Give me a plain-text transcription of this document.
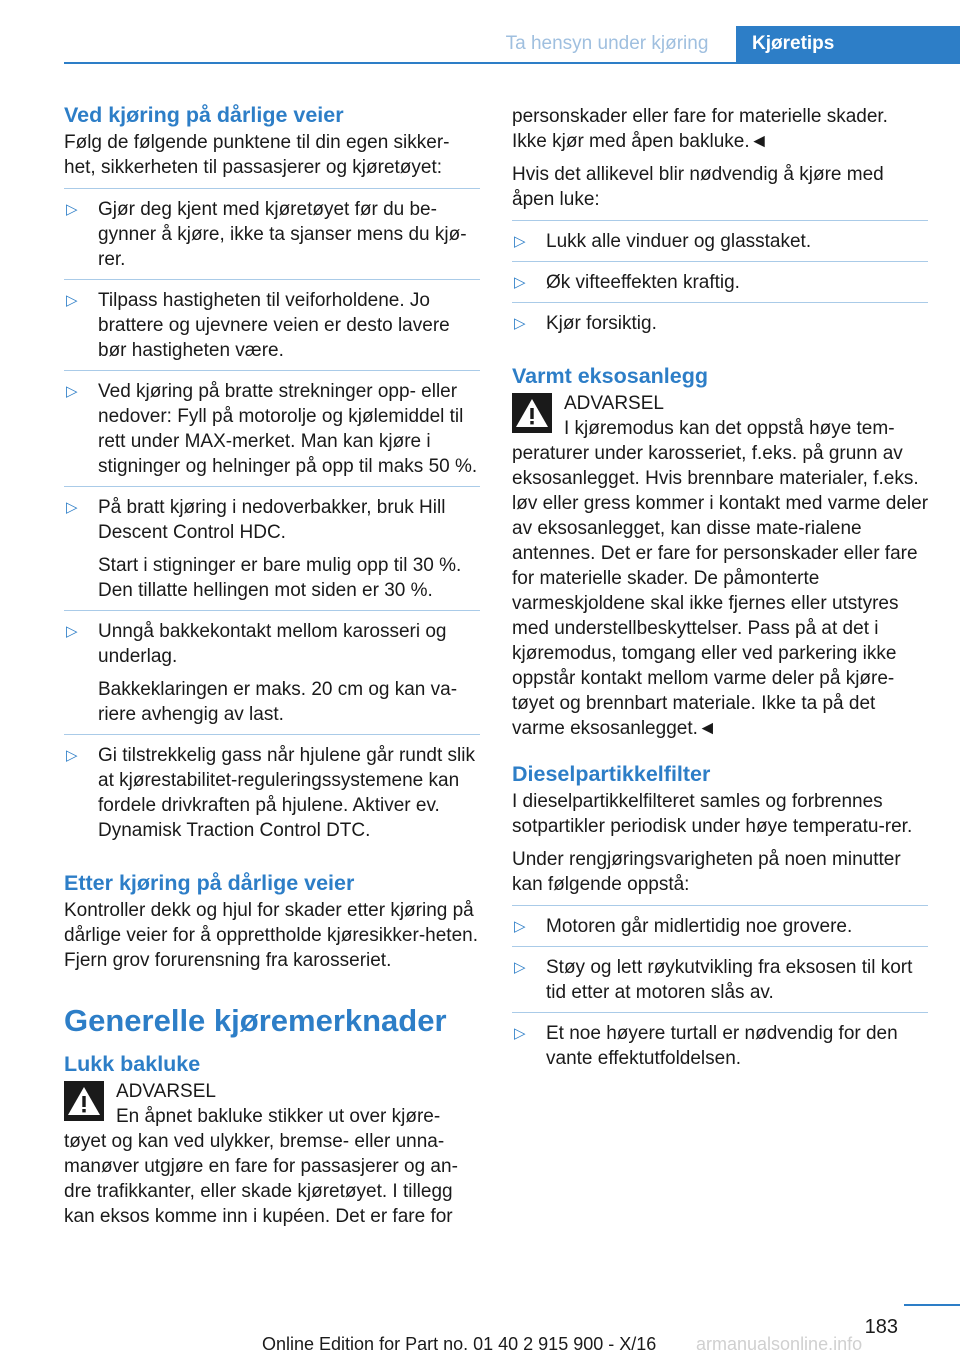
Ta hensyn under kjøring	Kjøretips
Ved kjøring på dårlige veier

Følg de følgende punktene til din egen sikker-het, sikkerheten til passasjerer og kjøretøyet:

▷ Gjør deg kjent med kjøretøyet før du be-gynner å kjøre, ikke ta sjanser mens du kjø-rer.

▷ Tilpass hastigheten til veiforholdene. Jo brattere og ujevnere veien er desto lavere bør hastigheten være.

▷ Ved kjøring på bratte strekninger opp- eller nedover: Fyll på motorolje og kjølemiddel til rett under MAX-merket. Man kan kjøre i stigninger og helninger på opp til maks 50 %.

▷ På bratt kjøring i nedoverbakker, bruk Hill Descent Control HDC.

Start i stigninger er bare mulig opp til 30 %. Den tillatte hellingen mot siden er 30 %.

▷ Unngå bakkekontakt mellom karosseri og underlag.

Bakkeklaringen er maks. 20 cm og kan va-riere avhengig av last.

▷ Gi tilstrekkelig gass når hjulene går rundt slik at kjørestabilitet-reguleringssystemene kan fordele drivkraften på hjulene. Aktiver ev. Dynamisk Traction Control DTC.

Etter kjøring på dårlige veier

Kontroller dekk og hjul for skader etter kjøring på dårlige veier for å opprettholde kjøresikker-heten. Fjern grov forurensning fra karosseriet.

Generelle kjøremerknader
Lukk bakluke

ADVARSEL

En åpnet bakluke stikker ut over kjøre-tøyet og kan ved ulykker, bremse- eller unna-manøver utgjøre en fare for passasjerer og an-dre trafikkanter, eller skade kjøretøyet. I tillegg kan eksos komme inn i kupéen. Det er fare for

personskader eller fare for materielle skader. Ikke kjør med åpen bakluke.◄

Hvis det allikevel blir nødvendig å kjøre med åpen luke:

▷ Lukk alle vinduer og glasstaket.

▷ Øk vifteeffekten kraftig.

▷ Kjør forsiktig.

Varmt eksosanlegg

ADVARSEL

I kjøremodus kan det oppstå høye tem-peraturer under karosseriet, f.eks. på grunn av eksosanlegget. Hvis brennbare materialer, f.eks. løv eller gress kommer i kontakt med varme deler av eksosanlegget, kan disse mate-rialene antennes. Det er fare for personskader eller fare for materielle skader. De påmonterte varmeskjoldene skal ikke fjernes eller utstyres med understellbeskyttelser. Pass på at det i kjøremodus, tomgang eller ved parkering ikke oppstår kontakt mellom varme deler på kjøre-tøyet og brennbart materiale. Ikke ta på det varme eksosanlegget.◄

Dieselpartikkelfilter

I dieselpartikkelfilteret samles og forbrennes sotpartikler periodisk under høye temperatu-rer.

Under rengjøringsvarigheten på noen minutter kan følgende oppstå:

▷ Motoren går midlertidig noe grovere.

▷ Støy og lett røykutvikling fra eksosen til kort tid etter at motoren slås av.

▷ Et noe høyere turtall er nødvendig for den vante effektutfoldelsen.

183
Online Edition for Part no. 01 40 2 915 900 - X/16 armanualsonline.info
